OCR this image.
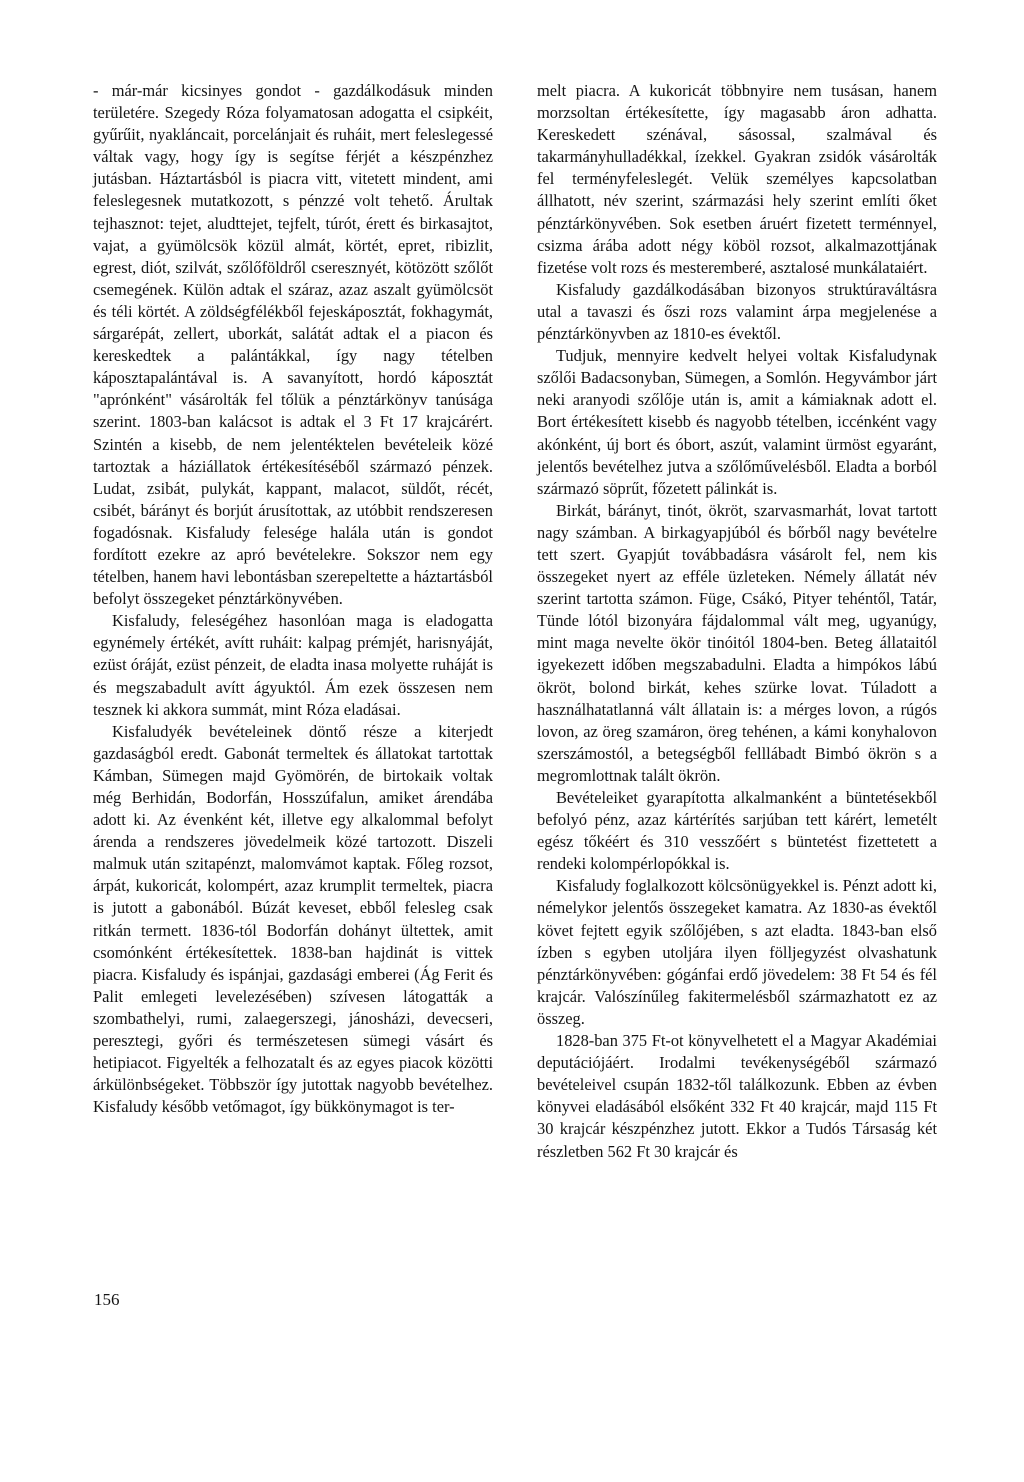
- már-már kicsinyes gondot - gazdálkodásuk minden területére. Szegedy Róza folyamatosan adogatta el csipkéit, gyűrűit, nyakláncait, porcelánjait és ruháit, mert feleslegessé váltak vagy, hogy így is segítse férjét a készpénzhez jutásban. Háztartásból is piacra vitt, vitetett mindent, ami feleslegesnek mutatkozott, s pénzzé volt tehető. Árultak tejhasznot: tejet, aludttejet, tejfelt, túrót, érett és birkasajtot, vajat, a gyümölcsök közül almát, körtét, epret, ribizlit, egrest, diót, szilvát, szőlőföldről cseresznyét, kötözött szőlőt csemegének. Külön adtak el száraz, azaz aszalt gyümölcsöt és téli körtét. A zöldségfélékből fejeskáposztát, fokhagymát, sárgarépát, zellert, uborkát, salátát adtak el a piacon és kereskedtek a palántákkal, így nagy tételben káposztapalántával is. A savanyított, hordó káposztát "aprónként" vásárolták fel tőlük a pénztárkönyv tanúsága szerint. 1803-ban kalácsot is adtak el 3 Ft 17 krajcárért. Szintén a kisebb, de nem jelentéktelen bevételeik közé tartoztak a háziállatok értékesítéséből származó pénzek. Ludat, zsibát, pulykát, kappant, malacot, süldőt, récét, csibét, bárányt és borjút árusítottak, az utóbbit rendszeresen fogadósnak. Kisfaludy felesége halála után is gondot fordított ezekre az apró bevételekre. Sokszor nem egy tételben, hanem havi lebontásban szerepeltette a háztartásból befolyt összegeket pénztárkönyvében.

Kisfaludy, feleségéhez hasonlóan maga is eladogatta egynémely értékét, avítt ruháit: kalpag prémjét, harisnyáját, ezüst óráját, ezüst pénzeit, de eladta inasa molyette ruháját is és megszabadult avítt ágyuktól. Ám ezek összesen nem tesznek ki akkora summát, mint Róza eladásai.

Kisfaludyék bevételeinek döntő része a kiterjedt gazdaságból eredt. Gabonát termeltek és állatokat tartottak Kámban, Sümegen majd Gyömörén, de birtokaik voltak még Berhidán, Bodorfán, Hosszúfalun, amiket árendába adott ki. Az évenként két, illetve egy alkalommal befolyt árenda a rendszeres jövedelmeik közé tartozott. Diszeli malmuk után szitapénzt, malomvámot kaptak. Főleg rozsot, árpát, kukoricát, kolompért, azaz krumplit termeltek, piacra is jutott a gabonából. Búzát keveset, ebből felesleg csak ritkán termett. 1836-tól Bodorfán dohányt ültettek, amit csomónként értékesítettek. 1838-ban hajdinát is vittek piacra. Kisfaludy és ispánjai, gazdasági emberei (Ág Ferit és Palit emlegeti levelezésében) szívesen látogatták a szombathelyi, rumi, zalaegerszegi, jánosházi, devecseri, peresztegi, győri és természetesen sümegi vásárt és hetipiacot. Figyelték a felhozatalt és az egyes piacok közötti árkülönbségeket. Többször így jutottak nagyobb bevételhez. Kisfaludy később vetőmagot, így bükkönymagot is ter-

melt piacra. A kukoricát többnyire nem tusásan, hanem morzsoltan értékesítette, így magasabb áron adhatta. Kereskedett szénával, sásossal, szalmával és takarmányhulladékkal, ízekkel. Gyakran zsidók vásárolták fel terményfeleslegét. Velük személyes kapcsolatban állhatott, név szerint, származási hely szerint említi őket pénztárkönyvében. Sok esetben áruért fizetett terménnyel, csizma árába adott négy köböl rozsot, alkalmazottjának fizetése volt rozs és mesteremberé, asztalosé munkálataiért.

Kisfaludy gazdálkodásában bizonyos struktúraváltásra utal a tavaszi és őszi rozs valamint árpa megjelenése a pénztárkönyvben az 1810-es évektől.

Tudjuk, mennyire kedvelt helyei voltak Kisfaludynak szőlői Badacsonyban, Sümegen, a Somlón. Hegyvámbor járt neki aranyodi szőlője után is, amit a kámiaknak adott el. Bort értékesített kisebb és nagyobb tételben, iccénként vagy akónként, új bort és óbort, aszút, valamint ürmöst egyaránt, jelentős bevételhez jutva a szőlőművelésből. Eladta a borból származó söprűt, főzetett pálinkát is.

Birkát, bárányt, tinót, ökröt, szarvasmarhát, lovat tartott nagy számban. A birkagyapjúból és bőrből nagy bevételre tett szert. Gyapjút továbbadásra vásárolt fel, nem kis összegeket nyert az efféle üzleteken. Némely állatát név szerint tartotta számon. Füge, Csákó, Pityer tehéntől, Tatár, Tünde lótól bizonyára fájdalommal vált meg, ugyanúgy, mint maga nevelte ökör tinóitól 1804-ben. Beteg állataitól igyekezett időben megszabadulni. Eladta a himpókos lábú ökröt, bolond birkát, kehes szürke lovat. Túladott a használhatatlanná vált állatain is: a mérges lovon, a rúgós lovon, az öreg szamáron, öreg tehénen, a kámi konyhalovon szerszámostól, a betegségből felllábadt Bimbó ökrön s a megromlottnak talált ökrön.

Bevételeiket gyarapította alkalmanként a büntetésekből befolyó pénz, azaz kártérítés sarjúban tett kárért, lemetélt egész tőkéért és 310 vesszőért s büntetést fizettetett a rendeki kolompérlopókkal is.

Kisfaludy foglalkozott kölcsönügyekkel is. Pénzt adott ki, némelykor jelentős összegeket kamatra. Az 1830-as évektől követ fejtett egyik szőlőjében, s azt eladta. 1843-ban első ízben s egyben utoljára ilyen fölljegyzést olvashatunk pénztárkönyvében: gógánfai erdő jövedelem: 38 Ft 54 és fél krajcár. Valószínűleg fakitermelésből származhatott ez az összeg.

1828-ban 375 Ft-ot könyvelhetett el a Magyar Akadémiai deputációjáért. Irodalmi tevékenységéből származó bevételeivel csupán 1832-től találkozunk. Ebben az évben könyvei eladásából elsőként 332 Ft 40 krajcár, majd 115 Ft 30 krajcár készpénzhez jutott. Ekkor a Tudós Társaság két részletben 562 Ft 30 krajcár és

156
